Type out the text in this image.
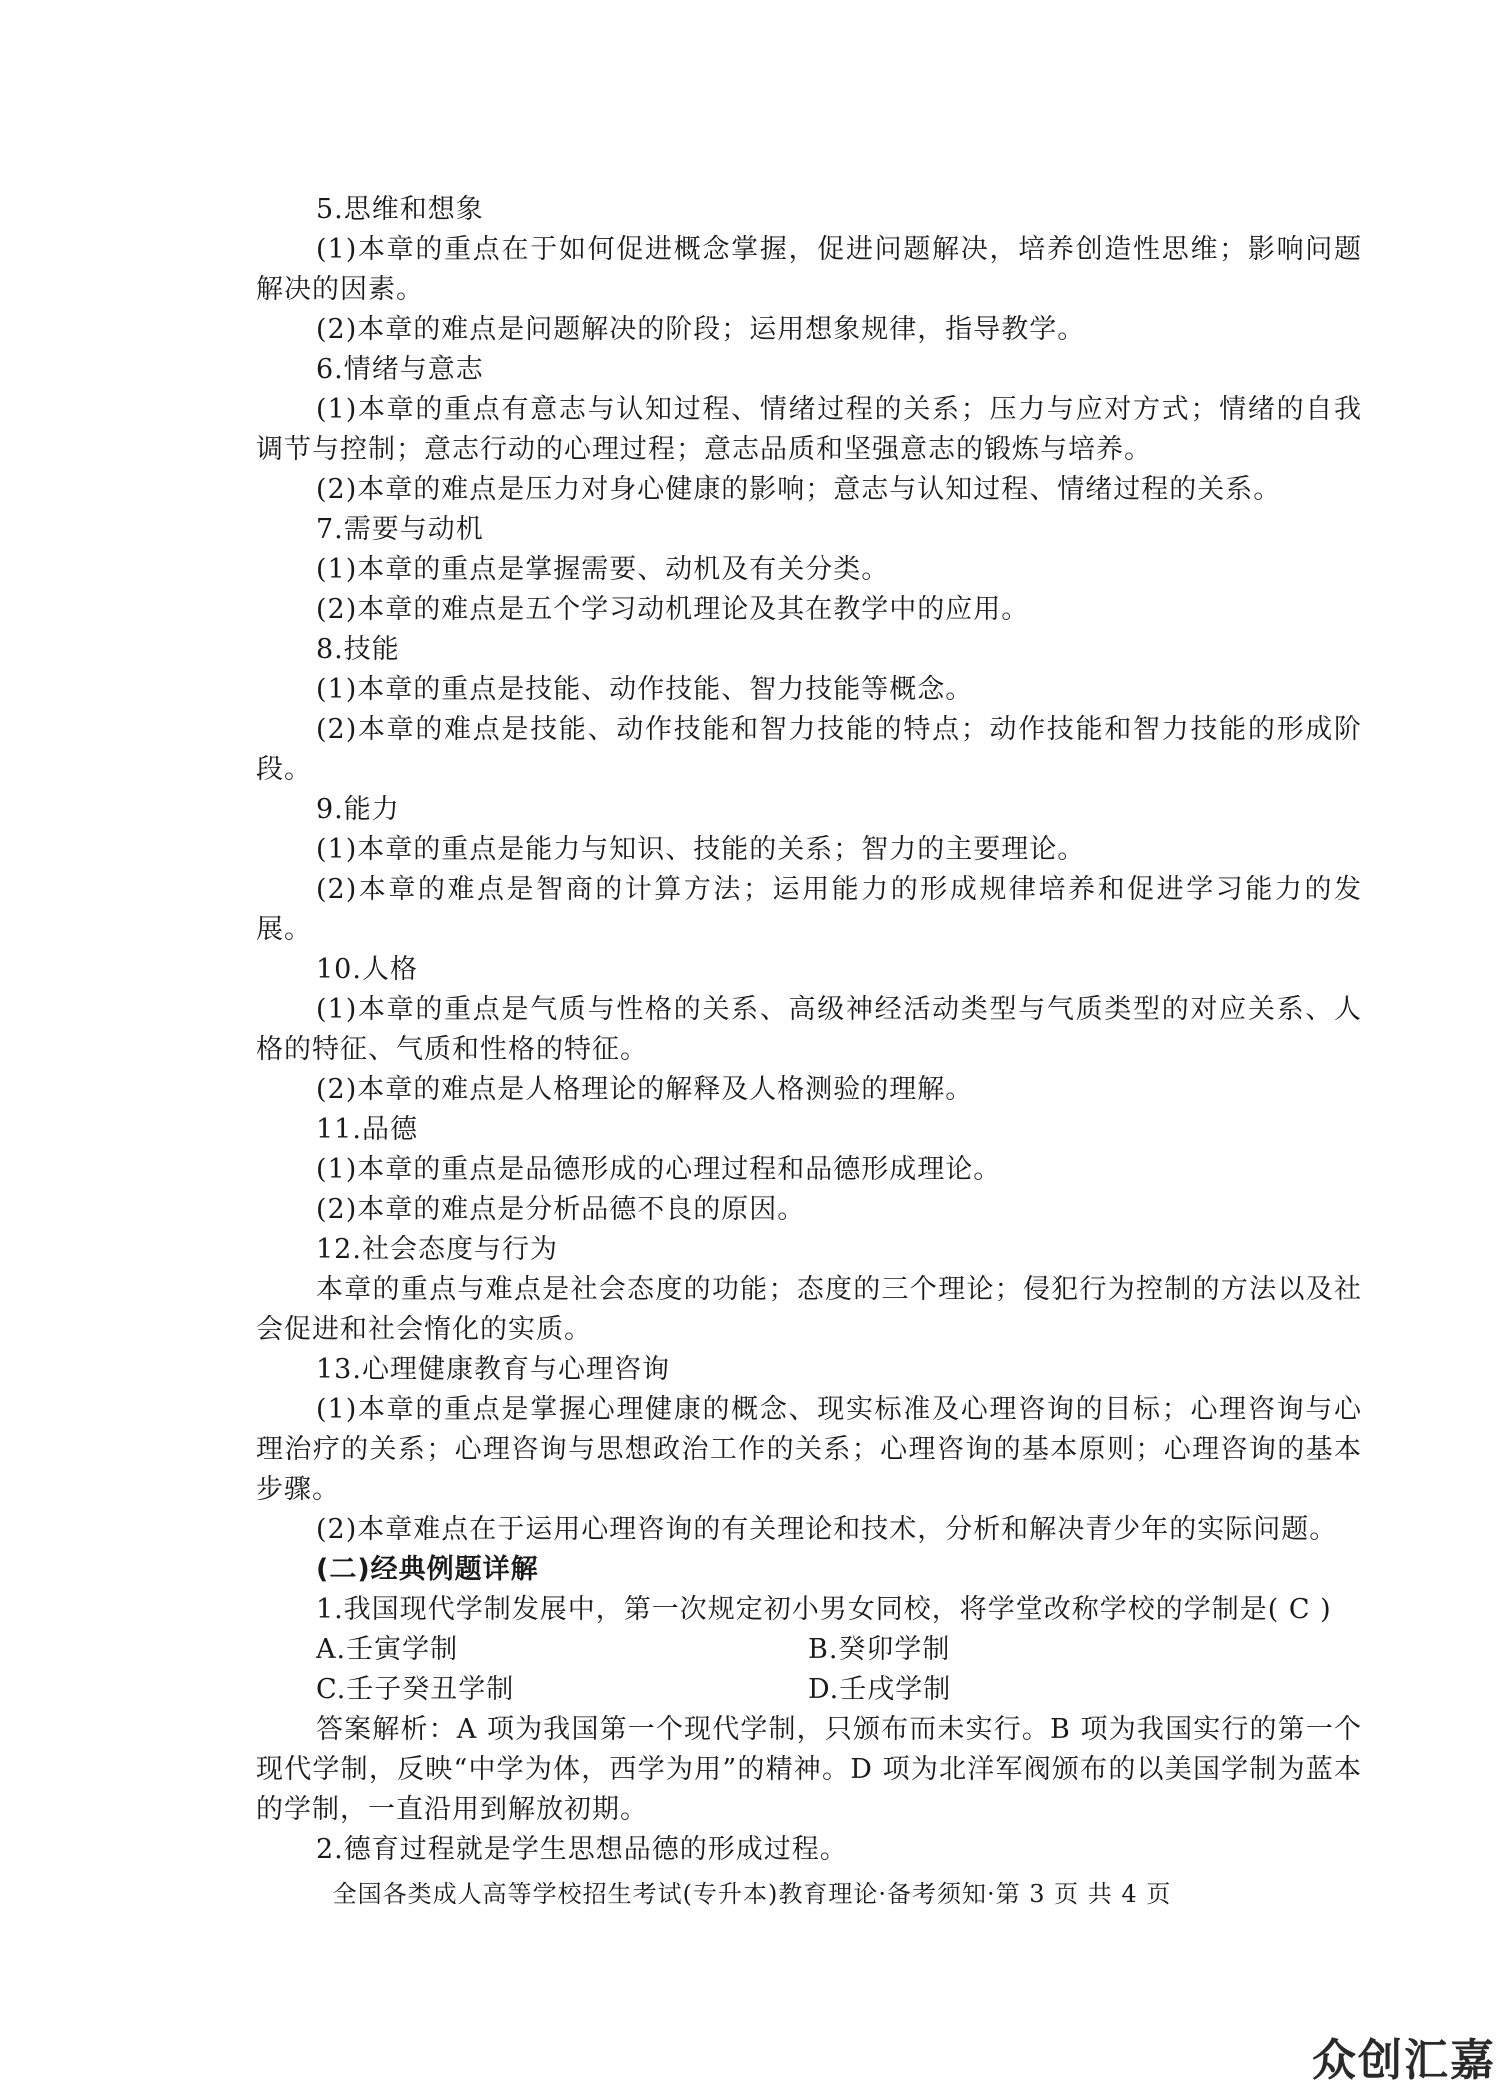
5.思维和想象
(1)本章的重点在于如何促进概念掌握，促进问题解决，培养创造性思维；影响问题解决的因素。
(2)本章的难点是问题解决的阶段；运用想象规律，指导教学。
6.情绪与意志
(1)本章的重点有意志与认知过程、情绪过程的关系；压力与应对方式；情绪的自我调节与控制；意志行动的心理过程；意志品质和坚强意志的锻炼与培养。
(2)本章的难点是压力对身心健康的影响；意志与认知过程、情绪过程的关系。
7.需要与动机
(1)本章的重点是掌握需要、动机及有关分类。
(2)本章的难点是五个学习动机理论及其在教学中的应用。
8.技能
(1)本章的重点是技能、动作技能、智力技能等概念。
(2)本章的难点是技能、动作技能和智力技能的特点；动作技能和智力技能的形成阶段。
9.能力
(1)本章的重点是能力与知识、技能的关系；智力的主要理论。
(2)本章的难点是智商的计算方法；运用能力的形成规律培养和促进学习能力的发展。
10.人格
(1)本章的重点是气质与性格的关系、高级神经活动类型与气质类型的对应关系、人格的特征、气质和性格的特征。
(2)本章的难点是人格理论的解释及人格测验的理解。
11.品德
(1)本章的重点是品德形成的心理过程和品德形成理论。
(2)本章的难点是分析品德不良的原因。
12.社会态度与行为
本章的重点与难点是社会态度的功能；态度的三个理论；侵犯行为控制的方法以及社会促进和社会惰化的实质。
13.心理健康教育与心理咨询
(1)本章的重点是掌握心理健康的概念、现实标准及心理咨询的目标；心理咨询与心理治疗的关系；心理咨询与思想政治工作的关系；心理咨询的基本原则；心理咨询的基本步骤。
(2)本章难点在于运用心理咨询的有关理论和技术，分析和解决青少年的实际问题。
(二)经典例题详解
1.我国现代学制发展中，第一次规定初小男女同校，将学堂改称学校的学制是( C )
A.壬寅学制	B.癸卯学制
C.壬子癸丑学制	D.壬戌学制
答案解析：A 项为我国第一个现代学制，只颁布而未实行。B 项为我国实行的第一个现代学制，反映“中学为体，西学为用”的精神。D 项为北洋军阀颁布的以美国学制为蓝本的学制，一直沿用到解放初期。
2.德育过程就是学生思想品德的形成过程。
全国各类成人高等学校招生考试(专升本)教育理论·备考须知·第 3 页 共 4 页
众创汇嘉
